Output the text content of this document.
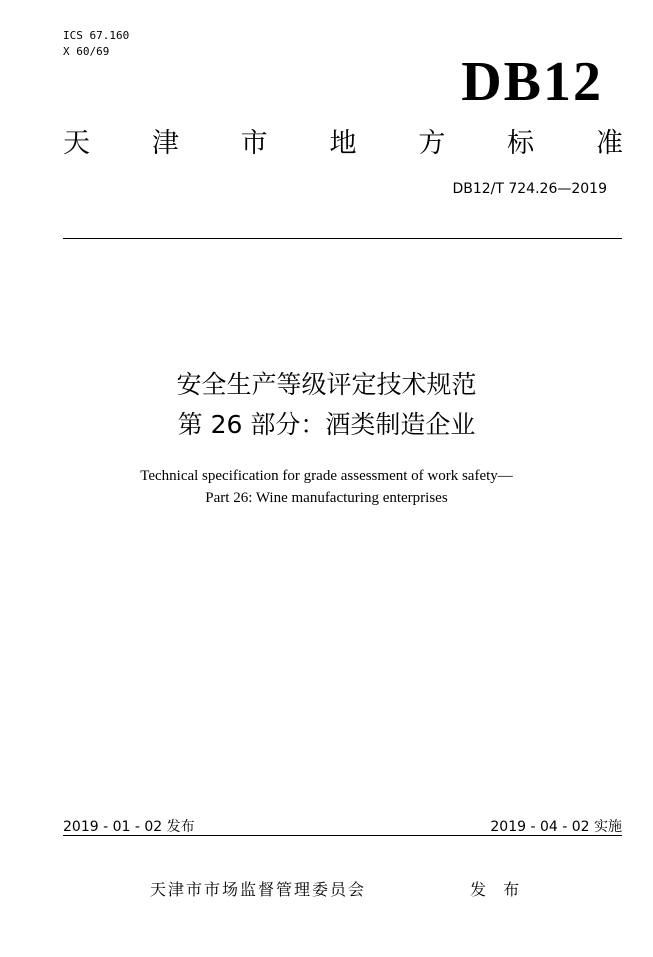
ICS 67.160
X 60/69	DB12
天 津 市 地 方 标 准
DB12/T 724.26—2019
安全生产等级评定技术规范
第 26 部分：酒类制造企业
Technical specification for grade assessment of work safety—
Part 26: Wine manufacturing enterprises
2019 - 01 - 02 发布	2019 - 04 - 02 实施
天津市市场监督管理委员会	发 布
